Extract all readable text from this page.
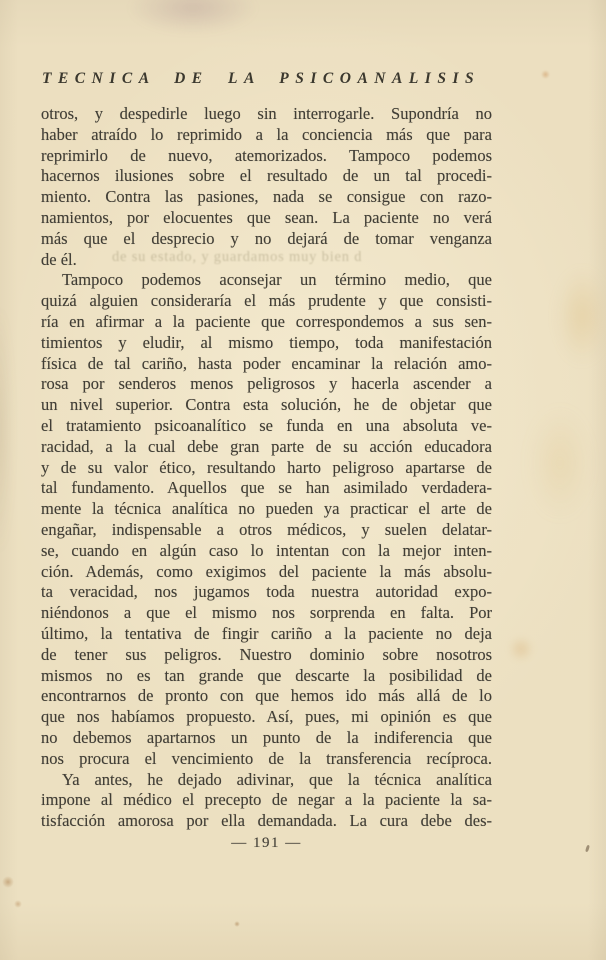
TECNICA DE LA PSICOANALISIS
de su estado, y guardamos muy bien d
otros, y despedirle luego sin interrogarle. Supondría no
haber atraído lo reprimido a la conciencia más que para
reprimirlo de nuevo, atemorizados. Tampoco podemos
hacernos ilusiones sobre el resultado de un tal procedi-
miento. Contra las pasiones, nada se consigue con razo-
namientos, por elocuentes que sean. La paciente no verá
más que el desprecio y no dejará de tomar venganza
de él.
Tampoco podemos aconsejar un término medio, que
quizá alguien consideraría el más prudente y que consisti-
ría en afirmar a la paciente que correspondemos a sus sen-
timientos y eludir, al mismo tiempo, toda manifestación
física de tal cariño, hasta poder encaminar la relación amo-
rosa por senderos menos peligrosos y hacerla ascender a
un nivel superior. Contra esta solución, he de objetar que
el tratamiento psicoanalítico se funda en una absoluta ve-
racidad, a la cual debe gran parte de su acción educadora
y de su valor ético, resultando harto peligroso apartarse de
tal fundamento. Aquellos que se han asimilado verdadera-
mente la técnica analítica no pueden ya practicar el arte de
engañar, indispensable a otros médicos, y suelen delatar-
se, cuando en algún caso lo intentan con la mejor inten-
ción. Además, como exigimos del paciente la más absolu-
ta veracidad, nos jugamos toda nuestra autoridad expo-
niéndonos a que el mismo nos sorprenda en falta. Por
último, la tentativa de fingir cariño a la paciente no deja
de tener sus peligros. Nuestro dominio sobre nosotros
mismos no es tan grande que descarte la posibilidad de
encontrarnos de pronto con que hemos ido más allá de lo
que nos habíamos propuesto. Así, pues, mi opinión es que
no debemos apartarnos un punto de la indiferencia que
nos procura el vencimiento de la transferencia recíproca.
Ya antes, he dejado adivinar, que la técnica analítica
impone al médico el precepto de negar a la paciente la sa-
tisfacción amorosa por ella demandada. La cura debe des-
— 191 —
